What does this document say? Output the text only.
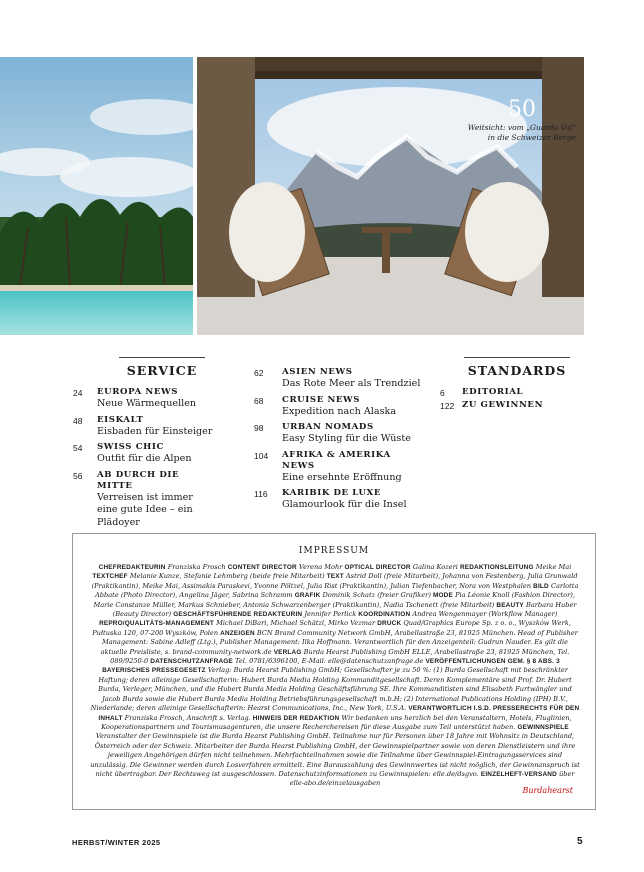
50
Weitsicht: vom „Guarda Val“ in die Schweizer Berge
SERVICE
24	EUROPA NEWS
Neue Wärmequellen
48	EISKALT
Eisbaden für Einsteiger
54	SWISS CHIC
Outfit für die Alpen
56	AB DURCH DIE MITTE
Verreisen ist immer eine gute Idee – ein Plädoyer
62	ASIEN NEWS
Das Rote Meer als Trendziel
68	CRUISE NEWS
Expedition nach Alaska
98	URBAN NOMADS
Easy Styling für die Wüste
104	AFRIKA & AMERIKA NEWS
Eine ersehnte Eröffnung
116	KARIBIK DE LUXE
Glamourlook für die Insel
STANDARDS
6	EDITORIAL
122 ZU GEWINNEN
IMPRESSUM
CHEFREDAKTEURIN Franziska Frosch CONTENT DIRECTOR Verena Mohr OPTICAL DIRECTOR Galina Kozeri REDAKTIONSLEITUNG Meike Mai TEXTCHEF Melanie Kunze, Stefanie Lehmberg (beide freie Mitarbeit) TEXT Astrid Doll (freie Mitarbeit), Johanna von Festenberg, Julia Grunwald (Praktikantin), Meike Mai, Assimakis Paraskevi, Yvonne Pöltzel, Julia Rist (Praktikantin), Julian Tiefenbacher, Nora von Westphalen BILD Carlotta Abbate (Photo Director), Angelina Jäger, Sabrina Schramm GRAFIK Dominik Schatz (freier Grafiker) MODE Pia Léonie Knoll (Fashion Director), Marie Constanze Müller, Markus Schnieber, Antonia Schwarzenberger (Praktikantin), Nadia Tschenett (freie Mitarbeit) BEAUTY Barbara Huber (Beauty Director) GESCHÄFTSFÜHRENDE REDAKTEURIN Jennifer Perlick KOORDINATION Andrea Wengenmayer (Workflow Manager) REPRO/QUALITÄTS-MANAGEMENT Michael DiBari, Michael Schätzl, Mirko Vezmar DRUCK Quad/Graphics Europe Sp. z o. o., Wyszków Werk, Pułtuska 120, 07-200 Wyszków, Polen ANZEIGEN BCN Brand Community Network GmbH, Arabellastraße 23, 81925 München. Head of Publisher Management: Sabine Adleff (Ltg.), Publisher Management: Ilka Hoffmann. Verantwortlich für den Anzeigenteil: Gudrun Nauder. Es gilt die aktuelle Preisliste, s. brand-community-network.de VERLAG Burda Hearst Publishing GmbH ELLE, Arabellastraße 23, 81925 München, Tel. 089/9250-0 DATENSCHUTZANFRAGE Tel. 0781/6396100, E-Mail: elle@datenschutzanfrage.de VERÖFFENTLICHUNGEN GEM. § 8 ABS. 3 BAYERISCHES PRESSEGESETZ Verlag: Burda Hearst Publishing GmbH; Gesellschafter je zu 50 %: (1) Burda Gesellschaft mit beschränkter Haftung; deren alleinige Gesellschafterin: Hubert Burda Media Holding Kommanditgesellschaft. Deren Komplementäre sind Prof. Dr. Hubert Burda, Verleger, München, und die Hubert Burda Media Holding Geschäftsführung SE. Ihre Kommanditisten sind Elisabeth Furtwängler und Jacob Burda sowie die Hubert Burda Media Holding Betriebsführungsgesellschaft m.b.H; (2) International Publications Holding (IPH) B.V., Niederlande; deren alleinige Gesellschafterin: Hearst Communications, Inc., New York, U.S.A. VERANTWORTLICH I.S.D. PRESSERECHTS FÜR DEN INHALT Franziska Frosch, Anschrift s. Verlag. HINWEIS DER REDAKTION Wir bedanken uns herzlich bei den Veranstaltern, Hotels, Fluglinien, Kooperationspartnern und Tourismusagenturen, die unsere Recherchereisen für diese Ausgabe zum Teil unterstützt haben. GEWINNSPIELE Veranstalter der Gewinnspiele ist die Burda Hearst Publishing GmbH. Teilnahme nur für Personen über 18 Jahre mit Wohnsitz in Deutschland, Österreich oder der Schweiz. Mitarbeiter der Burda Hearst Publishing GmbH, der Gewinnspielpartner sowie von deren Dienstleistern und ihre jeweiligen Angehörigen dürfen nicht teilnehmen. Mehrfachteilnahmen sowie die Teilnahme über Gewinnspiel-Eintragungsservices sind unzulässig. Die Gewinner werden durch Losverfahren ermittelt. Eine Barauszahlung des Gewinnwertes ist nicht möglich, der Gewinnanspruch ist nicht übertragbar. Der Rechtsweg ist ausgeschlossen. Datenschutzinformationen zu Gewinnspielen: elle.de/dsgvo. EINZELHEFT-VERSAND über elle-abo.de/einzelausgaben
Burdahearst
HERBST/WINTER 2025	5
